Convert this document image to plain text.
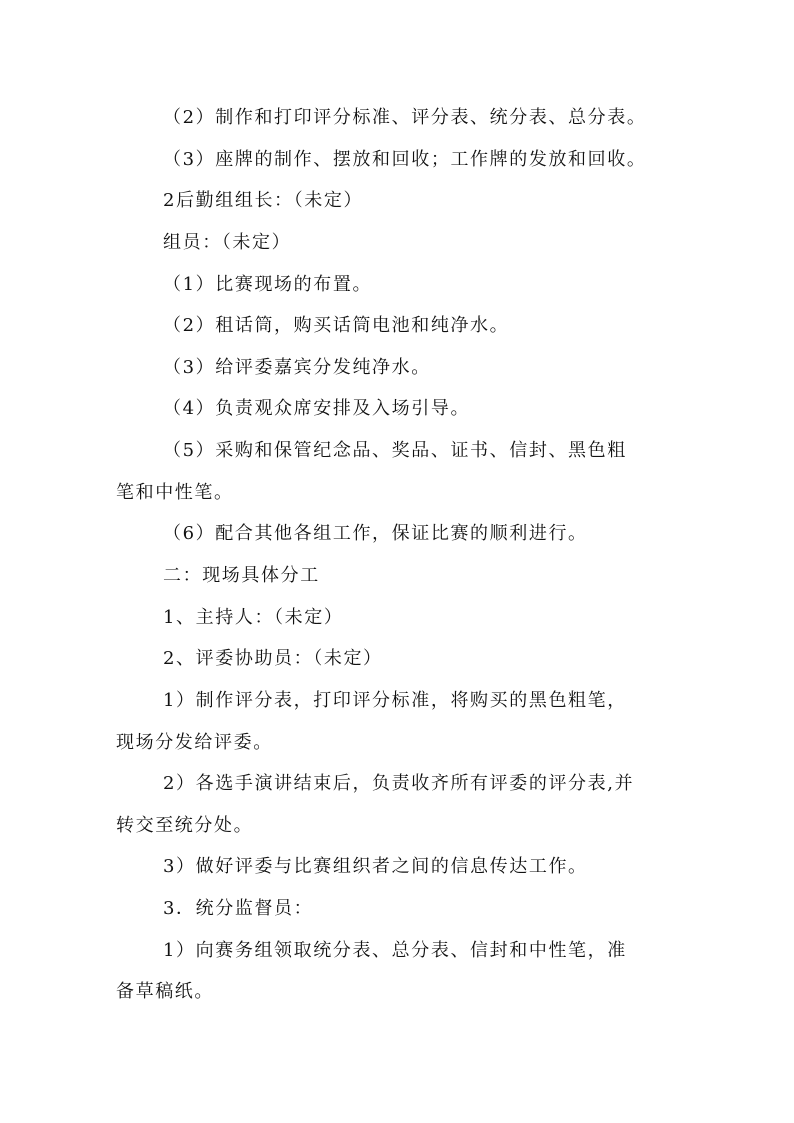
（2）制作和打印评分标准、评分表、统分表、总分表。
（3）座牌的制作、摆放和回收；工作牌的发放和回收。
2后勤组组长：（未定）
组员：（未定）
（1）比赛现场的布置。
（2）租话筒，购买话筒电池和纯净水。
（3）给评委嘉宾分发纯净水。
（4）负责观众席安排及入场引导。
（5）采购和保管纪念品、奖品、证书、信封、黑色粗
笔和中性笔。
（6）配合其他各组工作，保证比赛的顺利进行。
二：现场具体分工
1、主持人：（未定）
2、评委协助员：（未定）
1）制作评分表，打印评分标准，将购买的黑色粗笔，
现场分发给评委。
2）各选手演讲结束后，负责收齐所有评委的评分表,并
转交至统分处。
3）做好评委与比赛组织者之间的信息传达工作。
3．统分监督员：
1）向赛务组领取统分表、总分表、信封和中性笔，准
备草稿纸。
